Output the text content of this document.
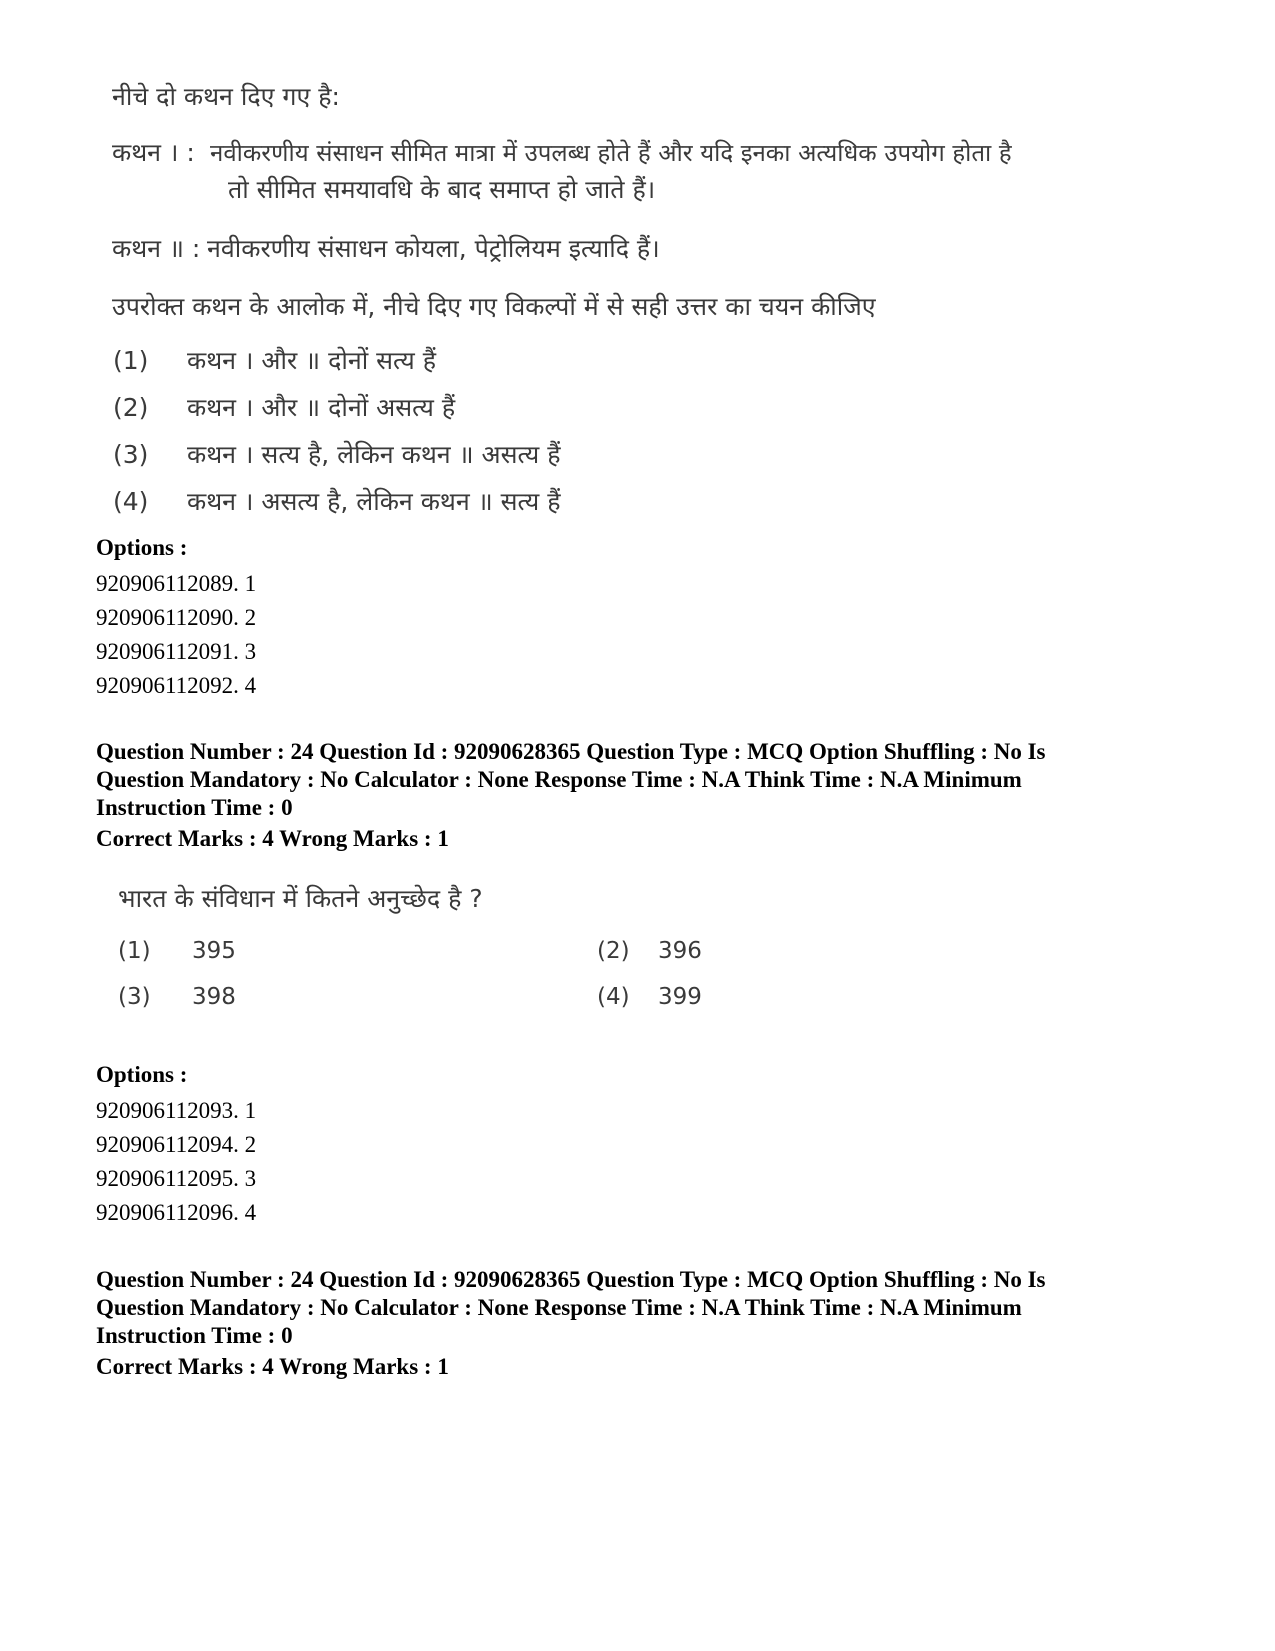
नीचे दो कथन दिए गए है:
कथन । : नवीकरणीय संसाधन सीमित मात्रा में उपलब्ध होते हैं और यदि इनका अत्यधिक उपयोग होता है
तो सीमित समयावधि के बाद समाप्त हो जाते हैं।
कथन ॥ : नवीकरणीय संसाधन कोयला, पेट्रोलियम इत्यादि हैं।
उपरोक्त कथन के आलोक में, नीचे दिए गए विकल्पों में से सही उत्तर का चयन कीजिए
(1) कथन । और ॥ दोनों सत्य हैं
(2) कथन । और ॥ दोनों असत्य हैं
(3) कथन । सत्य है, लेकिन कथन ॥ असत्य हैं
(4) कथन । असत्य है, लेकिन कथन ॥ सत्य हैं
Options :
920906112089. 1
920906112090. 2
920906112091. 3
920906112092. 4
Question Number : 24 Question Id : 92090628365 Question Type : MCQ Option Shuffling : No Is
Question Mandatory : No Calculator : None Response Time : N.A Think Time : N.A Minimum
Instruction Time : 0
Correct Marks : 4 Wrong Marks : 1
भारत के संविधान में कितने अनुच्छेद है ?
(1) 395	(2) 396
(3) 398	(4) 399
Options :
920906112093. 1
920906112094. 2
920906112095. 3
920906112096. 4
Question Number : 24 Question Id : 92090628365 Question Type : MCQ Option Shuffling : No Is
Question Mandatory : No Calculator : None Response Time : N.A Think Time : N.A Minimum
Instruction Time : 0
Correct Marks : 4 Wrong Marks : 1
